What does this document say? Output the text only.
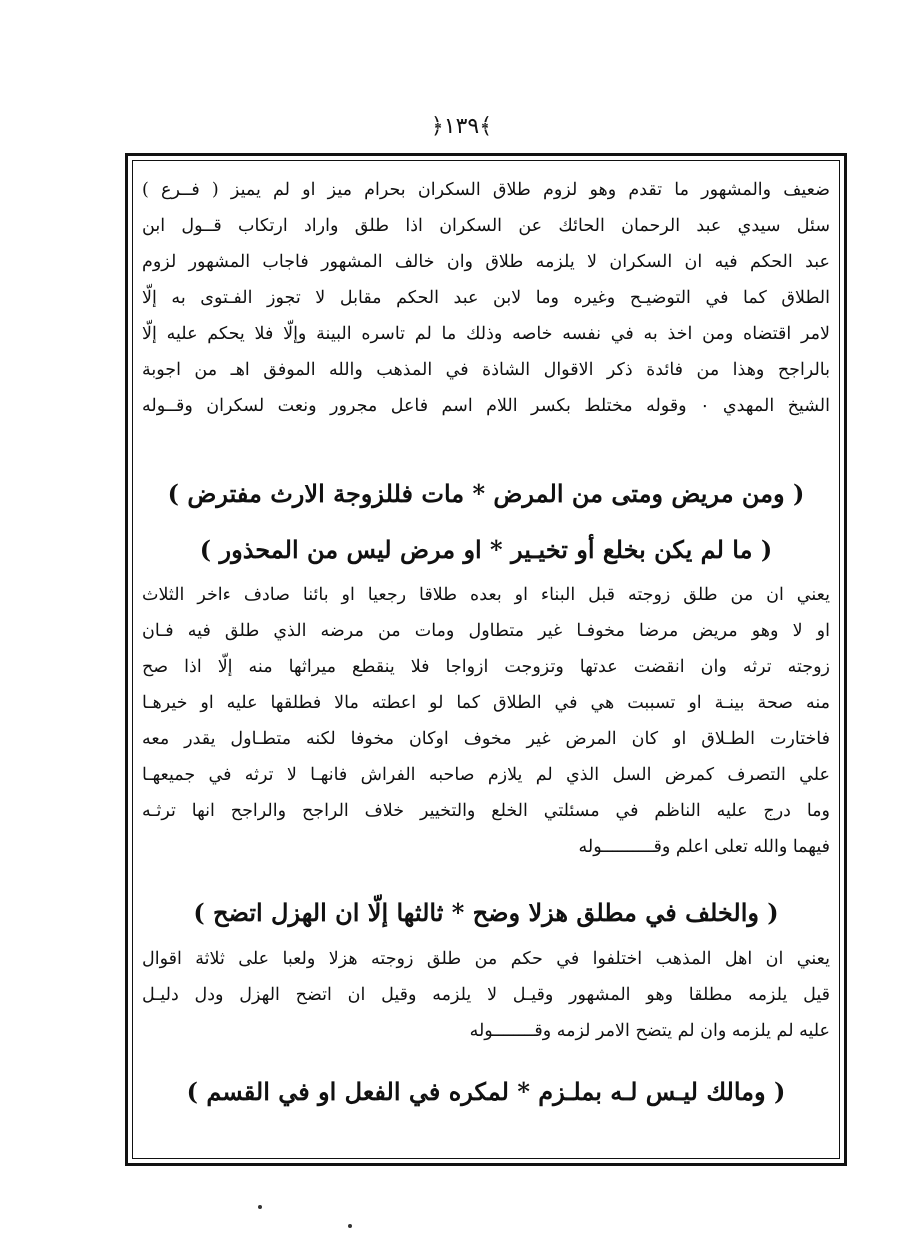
﴾١٣٩﴿
ضعيف والمشهور ما تقدم وهو لزوم طلاق السكران بحرام ميز او لم يميز ( فــرع )
سئل سيدي عبد الرحمان الحائك عن السكران اذا طلق واراد ارتكاب قــول ابن
عبد الحكم فيه ان السكران لا يلزمه طلاق وان خالف المشهور فاجاب المشهور لزوم
الطلاق كما في التوضيـح وغيره وما لابن عبد الحكم مقابل لا تجوز الفـتوى به إلّا
لامر اقتضاه ومن اخذ به في نفسه خاصه وذلك ما لم تاسره البينة وإلّا فلا يحكم عليه إلّا
بالراجح وهذا من فائدة ذكر الاقوال الشاذة في المذهب والله الموفق اهـ من اجوبة
الشيخ المهدي ٠ وقوله مختلط بكسر اللام اسم فاعل مجرور ونعت لسكران وقــوله
( ومن مريض ومتى من المرض * مات فللزوجة الارث مفترض )
( ما لم يكن بخلع أو تخيـير * او مرض ليس من المحذور )
يعني ان من طلق زوجته قبل البناء او بعده طلاقا رجعيا او بائنا صادف ءاخر الثلاث
او لا وهو مريض مرضا مخوفـا غير متطاول ومات من مرضه الذي طلق فيه فـان
زوجته ترثه وان انقضت عدتها وتزوجت ازواجا فلا ينقطع ميراثها منه إلّا اذا صح
منه صحة بينـة او تسببت هي في الطلاق كما لو اعطته مالا فطلقها عليه او خيرهـا
فاختارت الطـلاق او كان المرض غير مخوف اوكان مخوفا لكنه متطـاول يقدر معه
علي التصرف كمرض السل الذي لم يلازم صاحبه الفراش فانهـا لا ترثه في جميعهـا
وما درج عليه الناظم في مسئلتي الخلع والتخيير خلاف الراجح والراجح انها ترثـه
فيهما والله تعلى اعلم وقــــــــــوله
( والخلف في مطلق هزلا وضح * ثالثها إلّا ان الهزل اتضح )
يعني ان اهل المذهب اختلفوا في حكم من طلق زوجته هزلا ولعبا على ثلاثة اقوال
قيل يلزمه مطلقا وهو المشهور وقيـل لا يلزمه وقيل ان اتضح الهزل ودل دليـل
عليه لم يلزمه وان لم يتضح الامر لزمه وقــــــــوله
( ومالك ليـس لـه بملـزم * لمكره في الفعل او في القسم )
